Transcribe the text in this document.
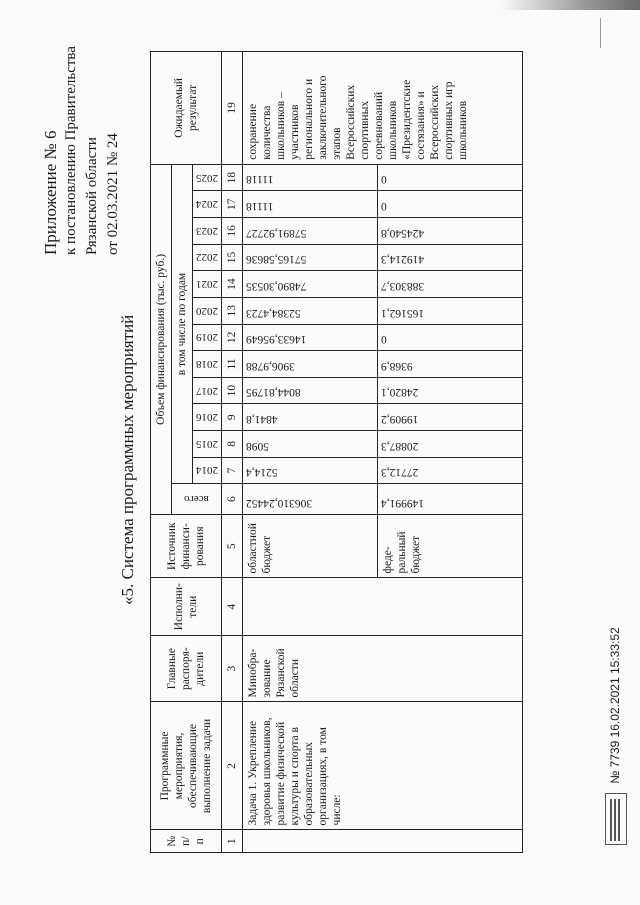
Приложение № 6 к постановлению Правительства Рязанской области от 02.03.2021 № 24
«5. Система программных мероприятий
№ п/п	Программные мероприятия, обеспечивающие выполнение задачи	Главные распоря-дители	Исполни-тели	Источник финанси-рования	Объем финансирования (тыс. руб.)													Ожидаемый результат

					всего	в том числе по годам												

						2014	2015	2016	2017	2018	2019	2020	2021	2022	2023	2024	2025	

1	2	3	4	5	6	7	8	9	10	11	12	13	14	15	16	17	18	19
	Задача 1. Укрепление здоровья школьников, развитие физической культуры и спорта в образовательных организациях, в том числе:	Минобра-зование Рязанской области		областной бюджет	306310,24452	5214,4	5098	4841,8	8044,81795	3906,9788	14633,95649	52384,4723	74890,30535	57165,58636	57891,92727	11118	11118	сохранение количества школьников – участников регионального и заключительного этапов Всероссийских спортивных соревнований школьников «Президентские состязания» и Всероссийских спортивных игр школьников
				феде-ральный бюджет	149991,4	27712,3	20887,3	19909,2	24820,1	9368,9	0	165162,1	388303,7	419214,3	424540,8	0	0	
№ 7739 16.02.2021 15:33:52
